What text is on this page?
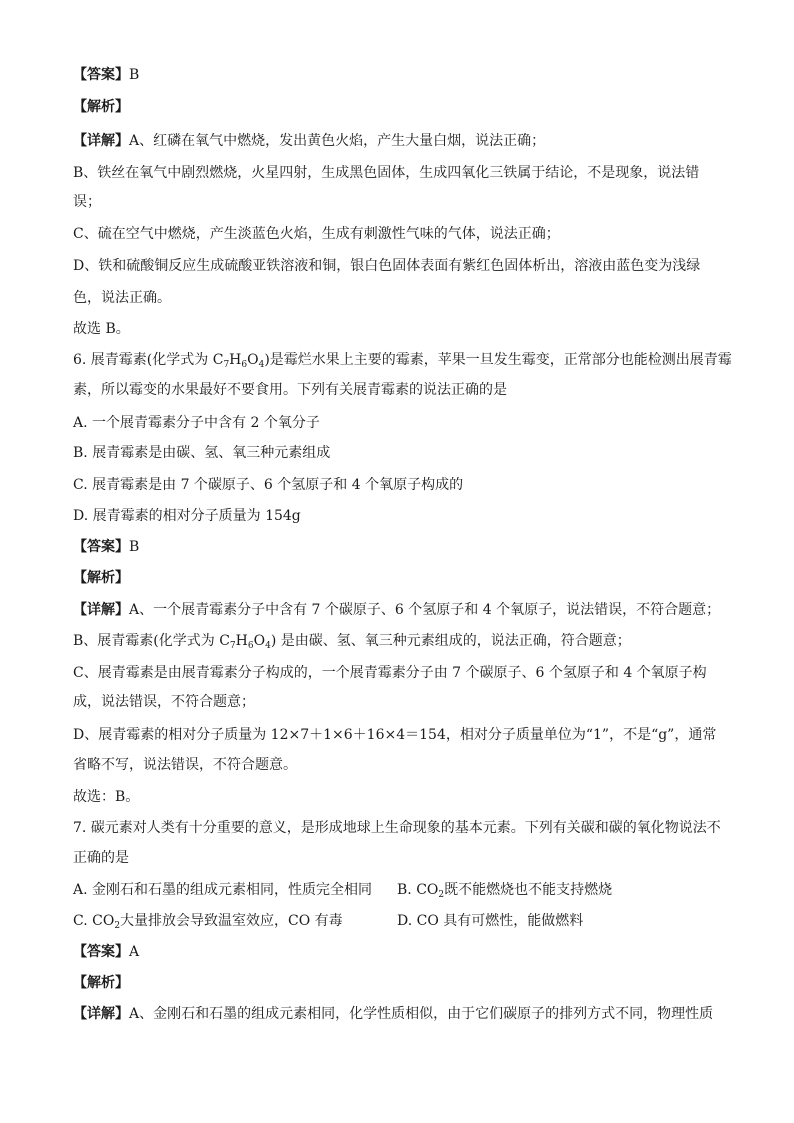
【答案】B
【解析】
【详解】A、红磷在氧气中燃烧，发出黄色火焰，产生大量白烟，说法正确；
B、铁丝在氧气中剧烈燃烧，火星四射，生成黑色固体，生成四氧化三铁属于结论，不是现象，说法错
误；
C、硫在空气中燃烧，产生淡蓝色火焰，生成有刺激性气味的气体，说法正确；
D、铁和硫酸铜反应生成硫酸亚铁溶液和铜，银白色固体表面有紫红色固体析出，溶液由蓝色变为浅绿
色，说法正确。
故选 B。
6. 展青霉素(化学式为 $C_7H_6O_4$)是霉烂水果上主要的霉素，苹果一旦发生霉变，正常部分也能检测出展青霉
素，所以霉变的水果最好不要食用。下列有关展青霉素的说法正确的是
A. 一个展青霉素分子中含有 2 个氧分子
B. 展青霉素是由碳、氢、氧三种元素组成
C. 展青霉素是由 7 个碳原子、6 个氢原子和 4 个氧原子构成的
D. 展青霉素的相对分子质量为 154g
【答案】B
【解析】
【详解】A、一个展青霉素分子中含有 7 个碳原子、6 个氢原子和 4 个氧原子，说法错误，不符合题意；
B、展青霉素(化学式为 $C_7H_6O_4$) 是由碳、氢、氧三种元素组成的，说法正确，符合题意；
C、展青霉素是由展青霉素分子构成的，一个展青霉素分子由 7 个碳原子、6 个氢原子和 4 个氧原子构
成，说法错误，不符合题意；
D、展青霉素的相对分子质量为 12×7＋1×6＋16×4＝154，相对分子质量单位为“1”，不是“g”，通常
省略不写，说法错误，不符合题意。
故选：B。
7. 碳元素对人类有十分重要的意义，是形成地球上生命现象的基本元素。下列有关碳和碳的氧化物说法不
正确的是
A. 金刚石和石墨的组成元素相同，性质完全相同 B. $CO_2$既不能燃烧也不能支持燃烧
C. $CO_2$大量排放会导致温室效应，CO 有毒	D. CO 具有可燃性，能做燃料
【答案】A
【解析】
【详解】A、金刚石和石墨的组成元素相同，化学性质相似，由于它们碳原子的排列方式不同，物理性质
